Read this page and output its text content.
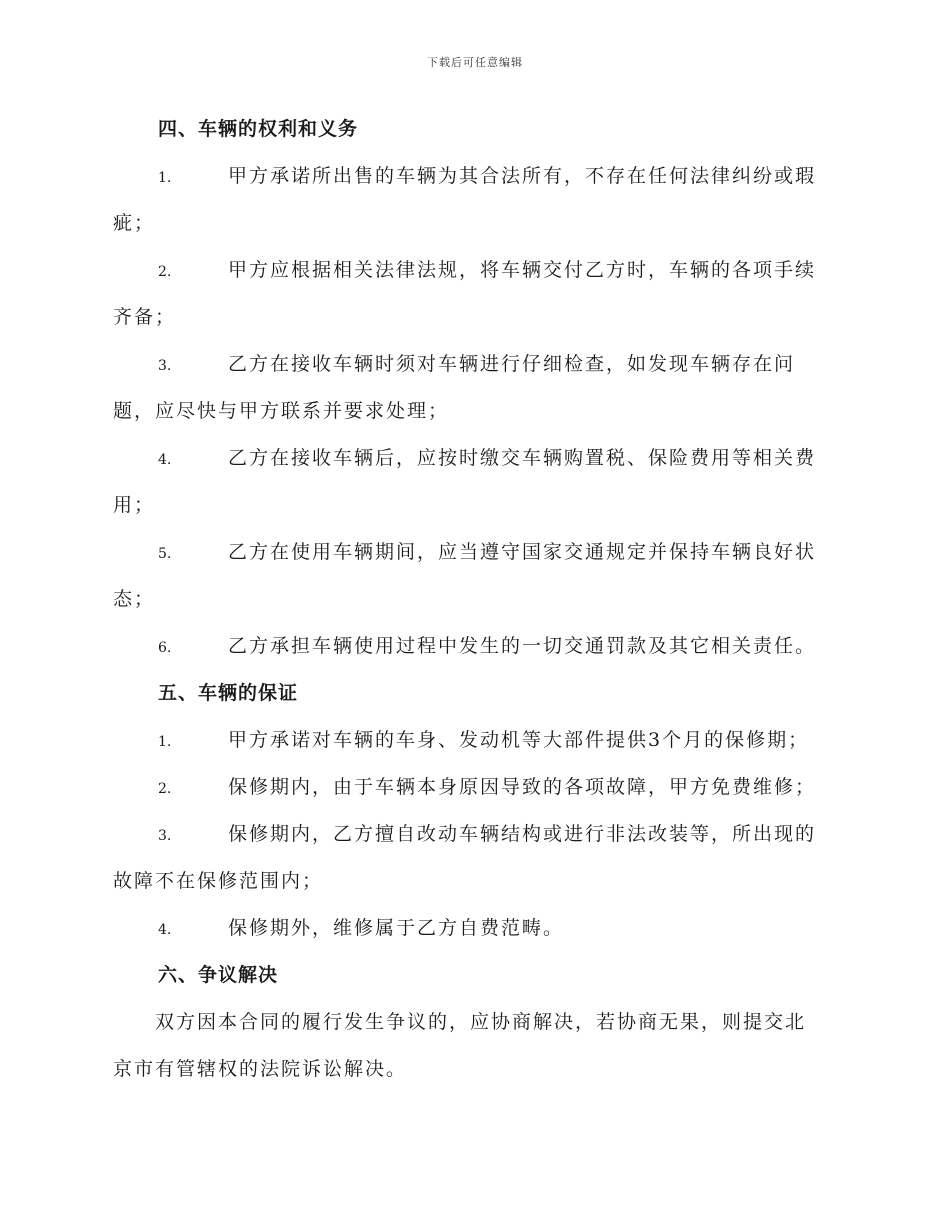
下载后可任意编辑
四、车辆的权利和义务
1.	甲方承诺所出售的车辆为其合法所有，不存在任何法律纠纷或瑕
疵；
2.	甲方应根据相关法律法规，将车辆交付乙方时，车辆的各项手续
齐备；
3.	乙方在接收车辆时须对车辆进行仔细检查，如发现车辆存在问
题，应尽快与甲方联系并要求处理；
4.	乙方在接收车辆后，应按时缴交车辆购置税、保险费用等相关费
用；
5.	乙方在使用车辆期间，应当遵守国家交通规定并保持车辆良好状
态；
6.	乙方承担车辆使用过程中发生的一切交通罚款及其它相关责任。
五、车辆的保证
1.	甲方承诺对车辆的车身、发动机等大部件提供3个月的保修期；
2.	保修期内，由于车辆本身原因导致的各项故障，甲方免费维修；
3.	保修期内，乙方擅自改动车辆结构或进行非法改装等，所出现的
故障不在保修范围内；
4.	保修期外，维修属于乙方自费范畴。
六、争议解决
双方因本合同的履行发生争议的，应协商解决，若协商无果，则提交北
京市有管辖权的法院诉讼解决。
